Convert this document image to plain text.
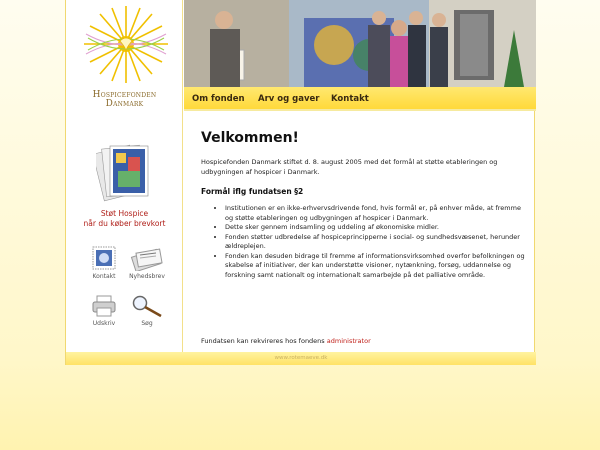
Hospicefonden
Danmark
Støt Hospice
når du køber brevkort
Kontakt	Nyhedsbrev
Udskriv	Søg
Om fonden Arv og gaver Kontakt
Velkommen!

Hospicefonden Danmark stiftet d. 8. august 2005 med det formål at støtte etableringen og udbygningen af hospicer i Danmark.

Formål iflg fundatsen §2
• Institutionen er en ikke-erhvervsdrivende fond, hvis formål er, på enhver måde, at fremme og støtte etableringen og udbygningen af hospicer i Danmark.
• Dette sker gennem indsamling og uddeling af økonomiske midler.
• Fonden støtter udbredelse af hospiceprincipperne i social- og sundhedsvæsenet, herunder ældreplejen.
• Fonden kan desuden bidrage til fremme af informationsvirksomhed overfor befolkningen og skabelse af initiativer, der kan understøtte visioner, nytænkning, forsøg, uddannelse og forskning samt nationalt og internationalt samarbejde på det palliative område.
Fundatsen kan rekvireres hos fondens administrator
www.rotemaeve.dk
